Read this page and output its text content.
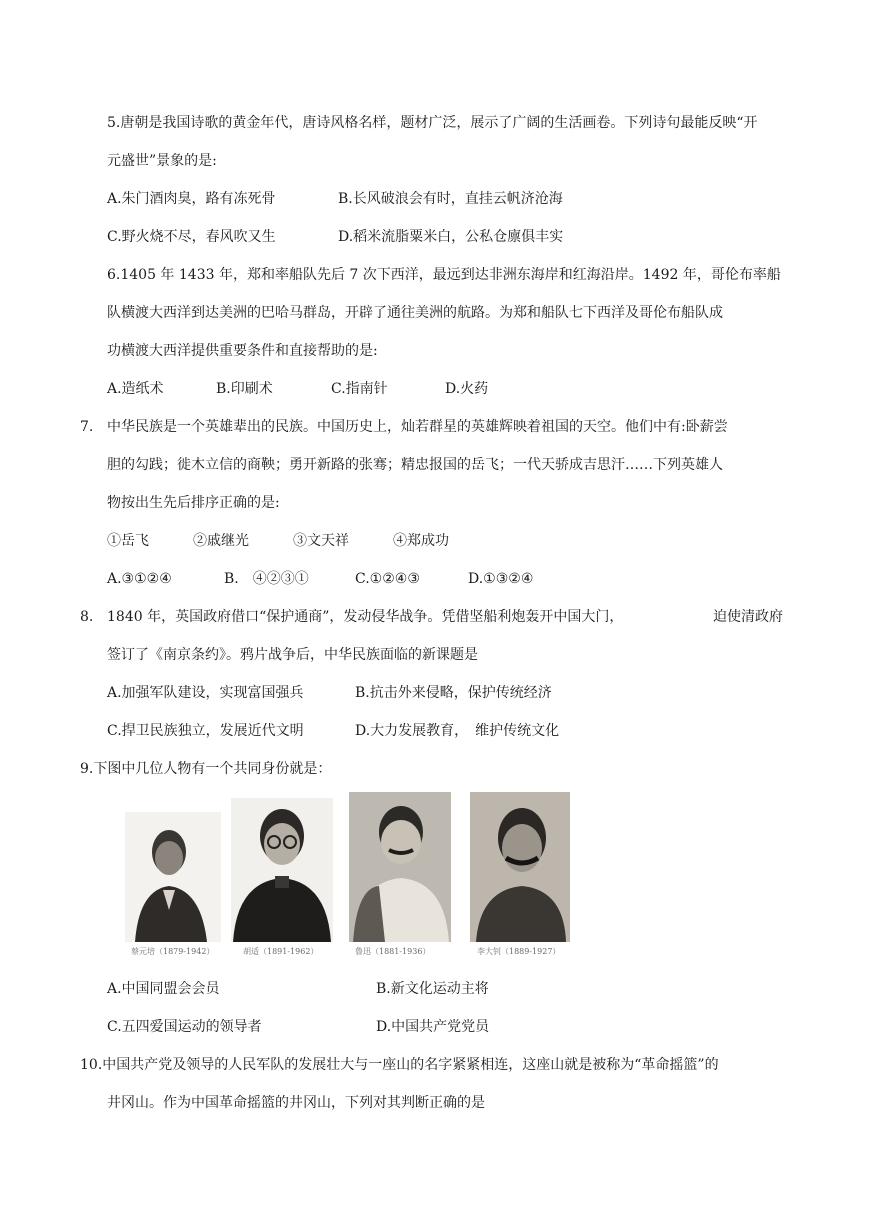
5.唐朝是我国诗歌的黄金年代，唐诗风格名样，题材广泛，展示了广阔的生活画卷。下列诗句最能反映“开
元盛世”景象的是:
A.朱门酒肉臭，路有冻死骨	B.长风破浪会有时，直挂云帆济沧海
C.野火烧不尽，春风吹又生	D.稻米流脂粟米白，公私仓廪俱丰实
6.1405 年 1433 年，郑和率船队先后 7 次下西洋，最远到达非洲东海岸和红海沿岸。1492 年，哥伦布率船
队横渡大西洋到达美洲的巴哈马群岛，开辟了通往美洲的航路。为郑和船队七下西洋及哥伦布船队成
功横渡大西洋提供重要条件和直接帮助的是:
A.造纸术	B.印刷术	C.指南针	D.火药
7. 中华民族是一个英雄辈出的民族。中国历史上，灿若群星的英雄辉映着祖国的天空。他们中有:卧薪尝
胆的勾践；徙木立信的商鞅；勇开新路的张骞；精忠报国的岳飞；一代天骄成吉思汗……下列英雄人
物按出生先后排序正确的是:
①岳飞	②戚继光	③文天祥	④郑成功
A.③①②④	B.　④②③①	C.①②④③	D.①③②④
8. 1840 年，英国政府借口“保护通商”，发动侵华战争。凭借坚船利炮轰开中国大门，	迫使清政府
签订了《南京条约》。鸦片战争后，中华民族面临的新课题是
A.加强军队建设，实现富国强兵	B.抗击外来侵略，保护传统经济
C.捍卫民族独立，发展近代文明	D.大力发展教育，　维护传统文化
9.下图中几位人物有一个共同身份就是：
蔡元培（1879-1942）	胡适（1891-1962）	鲁迅（1881-1936）	李大钊（1889-1927）
A.中国同盟会会员	B.新文化运动主将
C.五四爱国运动的领导者	D.中国共产党党员
10.中国共产党及领导的人民军队的发展壮大与一座山的名字紧紧相连，这座山就是被称为“革命摇篮”的
井冈山。作为中国革命摇篮的井冈山，下列对其判断正确的是
